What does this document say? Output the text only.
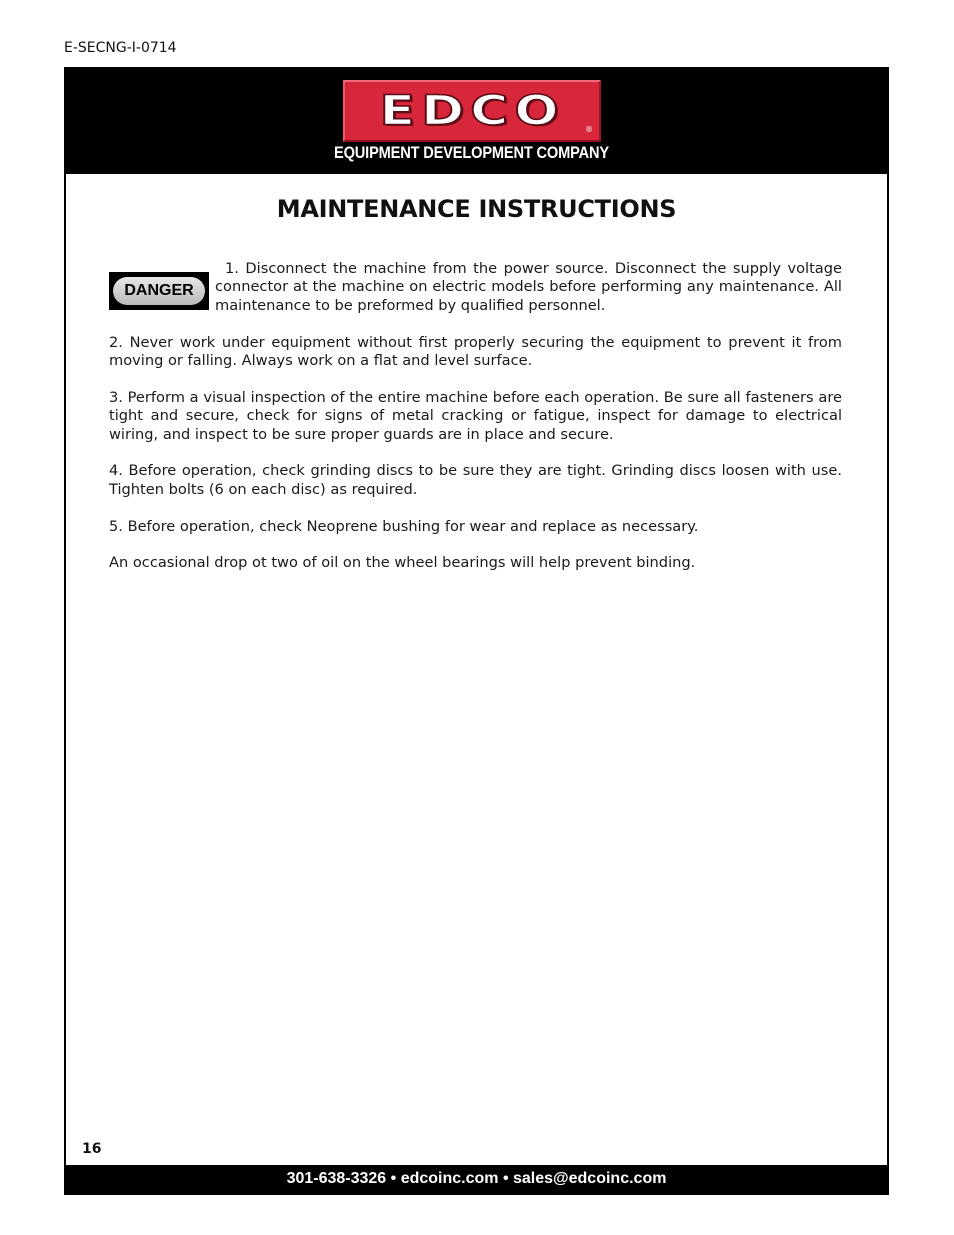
E-SECNG-I-0714
EDCO	®
EQUIPMENT DEVELOPMENT COMPANY
MAINTENANCE INSTRUCTIONS
DANGER

1. Disconnect the machine from the power source. Disconnect the supply voltage connector at the machine on electric models before performing any maintenance. All maintenance to be preformed by qualified personnel.

2. Never work under equipment without first properly securing the equipment to prevent it from moving or falling. Always work on a flat and level surface.

3. Perform a visual inspection of the entire machine before each operation. Be sure all fasteners are tight and secure, check for signs of metal cracking or fatigue, inspect for damage to electrical wiring, and inspect to be sure proper guards are in place and secure.

4. Before operation, check grinding discs to be sure they are tight. Grinding discs loosen with use. Tighten bolts (6 on each disc) as required.

5. Before operation, check Neoprene bushing for wear and replace as necessary.

An occasional drop ot two of oil on the wheel bearings will help prevent binding.

16
301-638-3326 • edcoinc.com • sales@edcoinc.com
